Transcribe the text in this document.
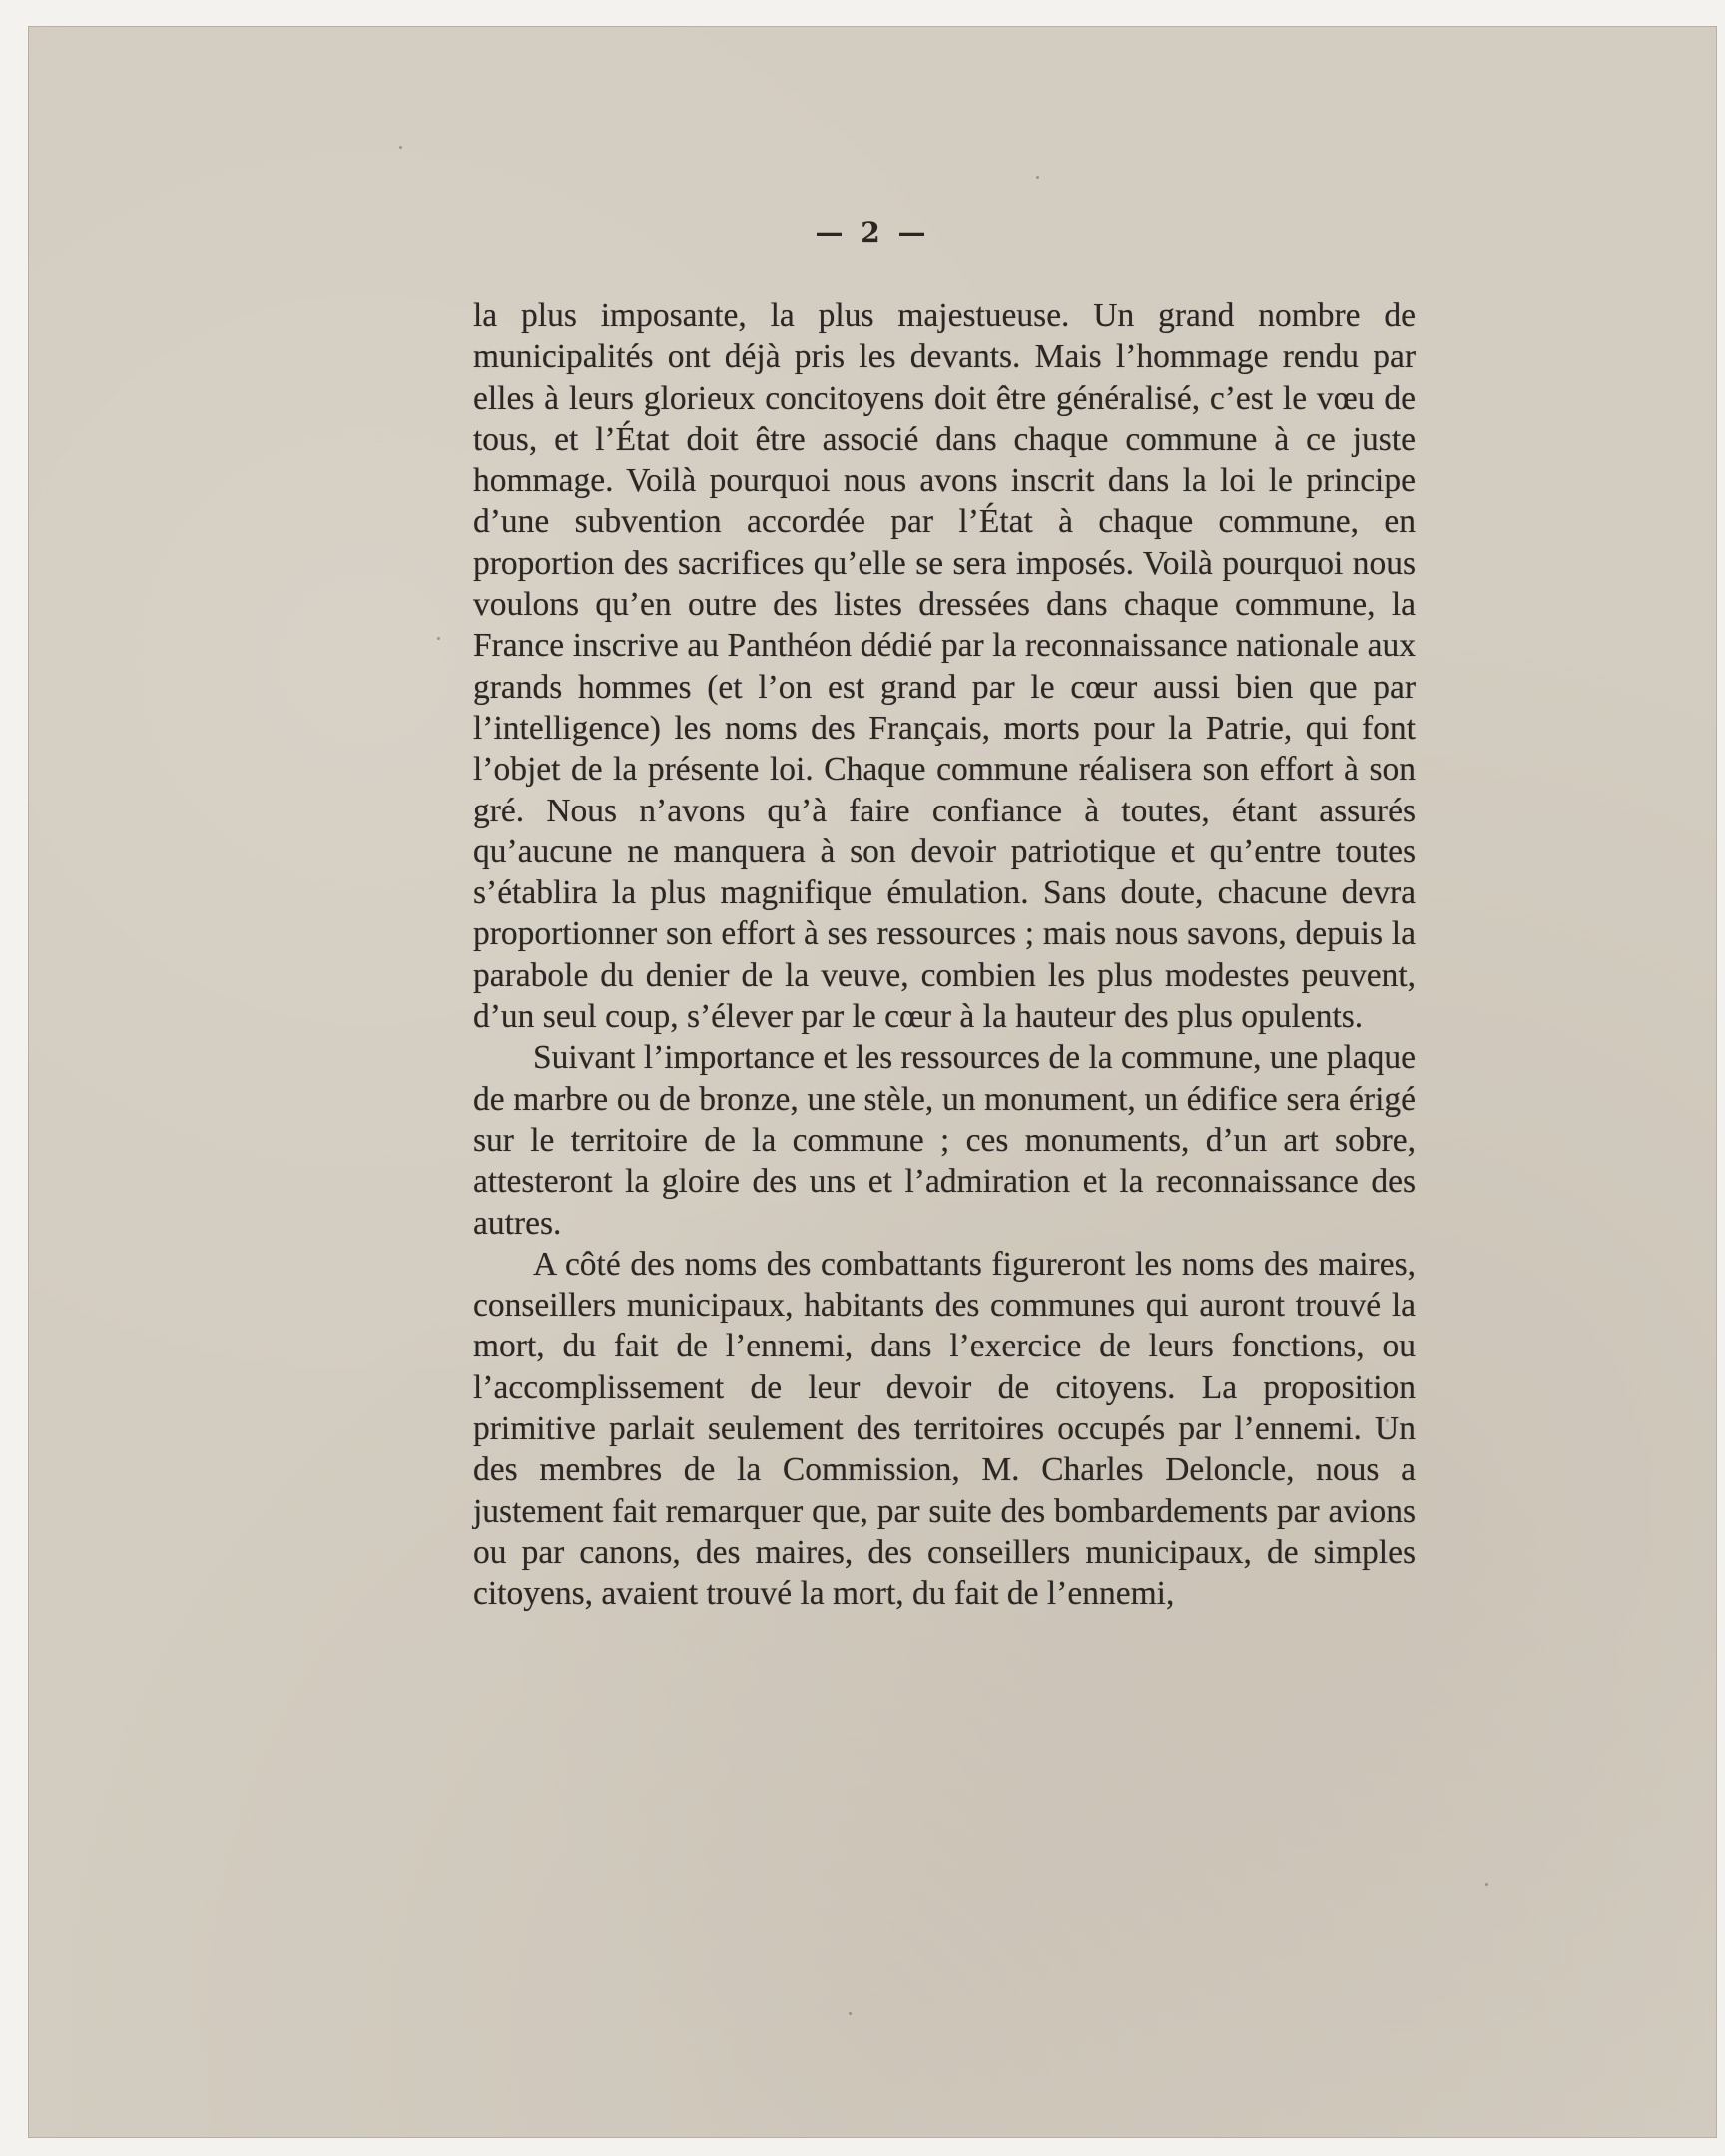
— 2 —

la plus imposante, la plus majestueuse. Un grand nombre de municipalités ont déjà pris les devants. Mais l’hommage rendu par elles à leurs glorieux concitoyens doit être généralisé, c’est le vœu de tous, et l’État doit être associé dans chaque commune à ce juste hommage. Voilà pourquoi nous avons inscrit dans la loi le principe d’une subvention accordée par l’État à chaque commune, en proportion des sacrifices qu’elle se sera imposés. Voilà pourquoi nous voulons qu’en outre des listes dressées dans chaque commune, la France inscrive au Panthéon dédié par la reconnaissance nationale aux grands hommes (et l’on est grand par le cœur aussi bien que par l’intelligence) les noms des Français, morts pour la Patrie, qui font l’objet de la présente loi. Chaque commune réalisera son effort à son gré. Nous n’avons qu’à faire confiance à toutes, étant assurés qu’aucune ne manquera à son devoir patriotique et qu’entre toutes s’établira la plus magnifique émulation. Sans doute, chacune devra proportionner son effort à ses ressources ; mais nous savons, depuis la parabole du denier de la veuve, combien les plus modestes peuvent, d’un seul coup, s’élever par le cœur à la hauteur des plus opulents.

Suivant l’importance et les ressources de la commune, une plaque de marbre ou de bronze, une stèle, un monument, un édifice sera érigé sur le territoire de la commune ; ces monuments, d’un art sobre, attesteront la gloire des uns et l’admiration et la reconnaissance des autres.

A côté des noms des combattants figureront les noms des maires, conseillers municipaux, habitants des communes qui auront trouvé la mort, du fait de l’ennemi, dans l’exercice de leurs fonctions, ou l’accomplissement de leur devoir de citoyens. La proposition primitive parlait seulement des territoires occupés par l’ennemi. Un des membres de la Commission, M. Charles Deloncle, nous a justement fait remarquer que, par suite des bombardements par avions ou par canons, des maires, des conseillers municipaux, de simples citoyens, avaient trouvé la mort, du fait de l’ennemi,
